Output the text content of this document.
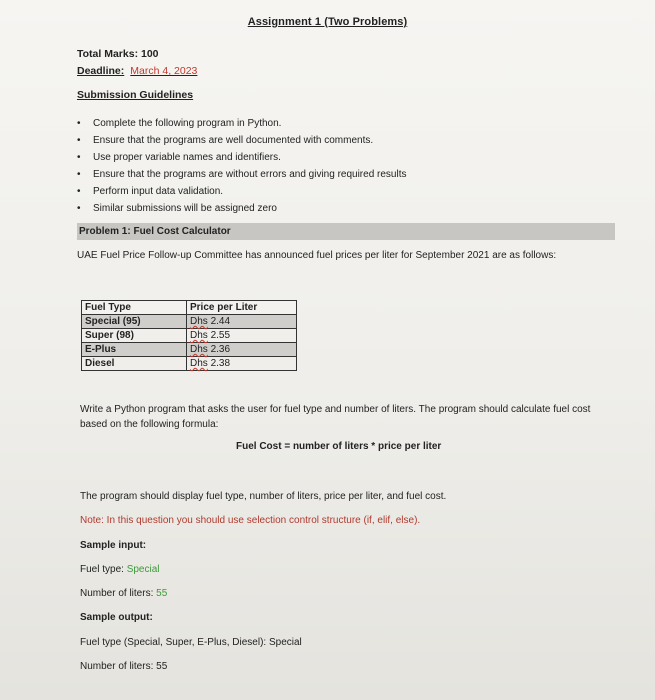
Assignment 1 (Two Problems)
Total Marks: 100
Deadline: March 4, 2023
Submission Guidelines
•	Complete the following program in Python.
•	Ensure that the programs are well documented with comments.
•	Use proper variable names and identifiers.
•	Ensure that the programs are without errors and giving required results
•	Perform input data validation.
•	Similar submissions will be assigned zero
Problem 1: Fuel Cost Calculator
UAE Fuel Price Follow-up Committee has announced fuel prices per liter for September 2021 are as follows:
Fuel Type	Price per Liter
Special (95)	Dhs 2.44
Super (98)	Dhs 2.55
E-Plus	Dhs 2.36
Diesel	Dhs 2.38
Write a Python program that asks the user for fuel type and number of liters. The program should calculate fuel cost based on the following formula:
Fuel Cost = number of liters * price per liter
The program should display fuel type, number of liters, price per liter, and fuel cost.
Note: In this question you should use selection control structure (if, elif, else).
Sample input:
Fuel type: Special
Number of liters: 55
Sample output:
Fuel type (Special, Super, E-Plus, Diesel): Special
Number of liters: 55
